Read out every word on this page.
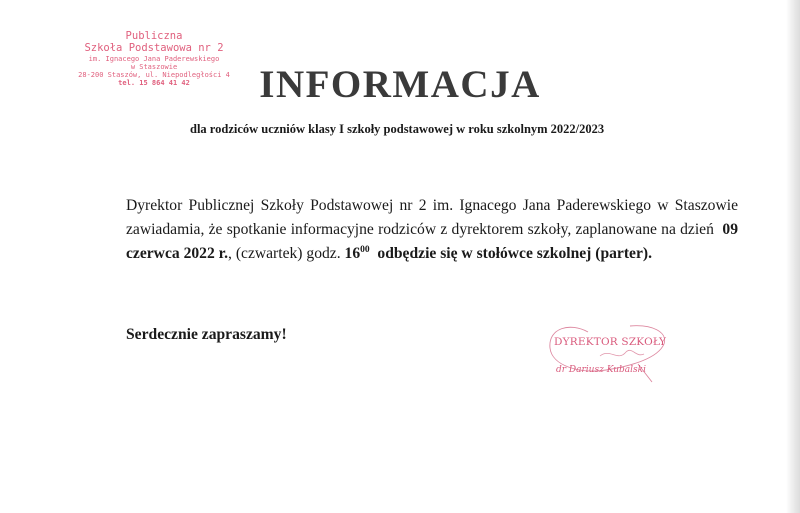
Publiczna
Szkoła Podstawowa nr 2
im. Ignacego Jana Paderewskiego
w Staszowie
28-200 Staszów, ul. Niepodległości 4
tel. 15 864 41 42	INFORMACJA
dla rodziców uczniów klasy I szkoły podstawowej w roku szkolnym 2022/2023
Dyrektor Publicznej Szkoły Podstawowej nr 2 im. Ignacego Jana Paderewskiego w Staszowie zawiadamia, że spotkanie informacyjne rodziców z dyrektorem szkoły, zaplanowane na dzień 09 czerwca 2022 r., (czwartek) godz. $16^{00}$ odbędzie się w stołówce szkolnej (parter).
Serdecznie zapraszamy!	DYREKTOR SZKOŁY
dr Dariusz Kubalski
